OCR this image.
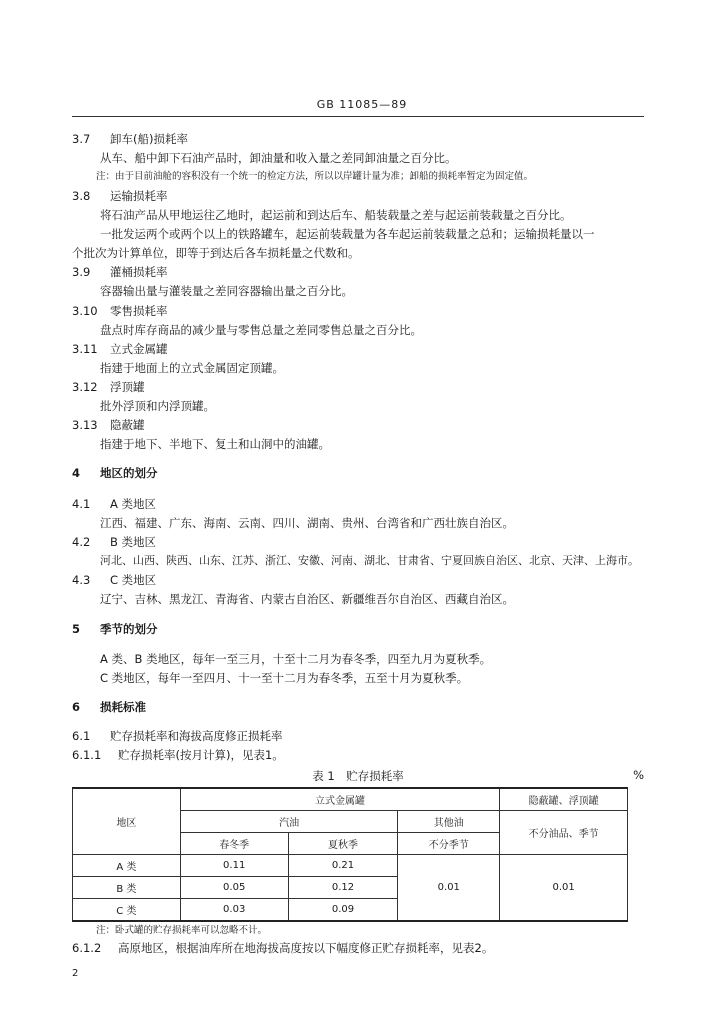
GB 11085—89
3.7 卸车(船)损耗率
从车、船中卸下石油产品时，卸油量和收入量之差同卸油量之百分比。
注：由于目前油舱的容积没有一个统一的检定方法，所以以岸罐计量为准；卸船的损耗率暂定为固定值。
3.8 运输损耗率
将石油产品从甲地运往乙地时，起运前和到达后车、船装载量之差与起运前装载量之百分比。
一批发运两个或两个以上的铁路罐车，起运前装载量为各车起运前装载量之总和；运输损耗量以一
个批次为计算单位，即等于到达后各车损耗量之代数和。
3.9 灌桶损耗率
容器输出量与灌装量之差同容器输出量之百分比。
3.10 零售损耗率
盘点时库存商品的减少量与零售总量之差同零售总量之百分比。
3.11 立式金属罐
指建于地面上的立式金属固定顶罐。
3.12 浮顶罐
批外浮顶和内浮顶罐。
3.13 隐蔽罐
指建于地下、半地下、复土和山洞中的油罐。
4 地区的划分
4.1 A 类地区
江西、福建、广东、海南、云南、四川、湖南、贵州、台湾省和广西壮族自治区。
4.2 B 类地区
河北、山西、陕西、山东、江苏、浙江、安徽、河南、湖北、甘肃省、宁夏回族自治区、北京、天津、上海市。
4.3 C 类地区
辽宁、吉林、黑龙江、青海省、内蒙古自治区、新疆维吾尔自治区、西藏自治区。
5 季节的划分
A 类、B 类地区，每年一至三月，十至十二月为春冬季，四至九月为夏秋季。
C 类地区，每年一至四月、十一至十二月为春冬季，五至十月为夏秋季。
6 损耗标准
6.1 贮存损耗率和海拔高度修正损耗率
6.1.1 贮存损耗率(按月计算)，见表1。
表 1　贮存损耗率	%
地区	立式金属罐			隐蔽罐、浮顶罐
	汽油		其他油	不分油品、季节
	春冬季	夏秋季	不分季节	
A 类	0.11	0.21	0.01	0.01
B 类	0.05	0.12		
C 类	0.03	0.09		
注：卧式罐的贮存损耗率可以忽略不计。
6.1.2 高原地区，根据油库所在地海拔高度按以下幅度修正贮存损耗率，见表2。
2
